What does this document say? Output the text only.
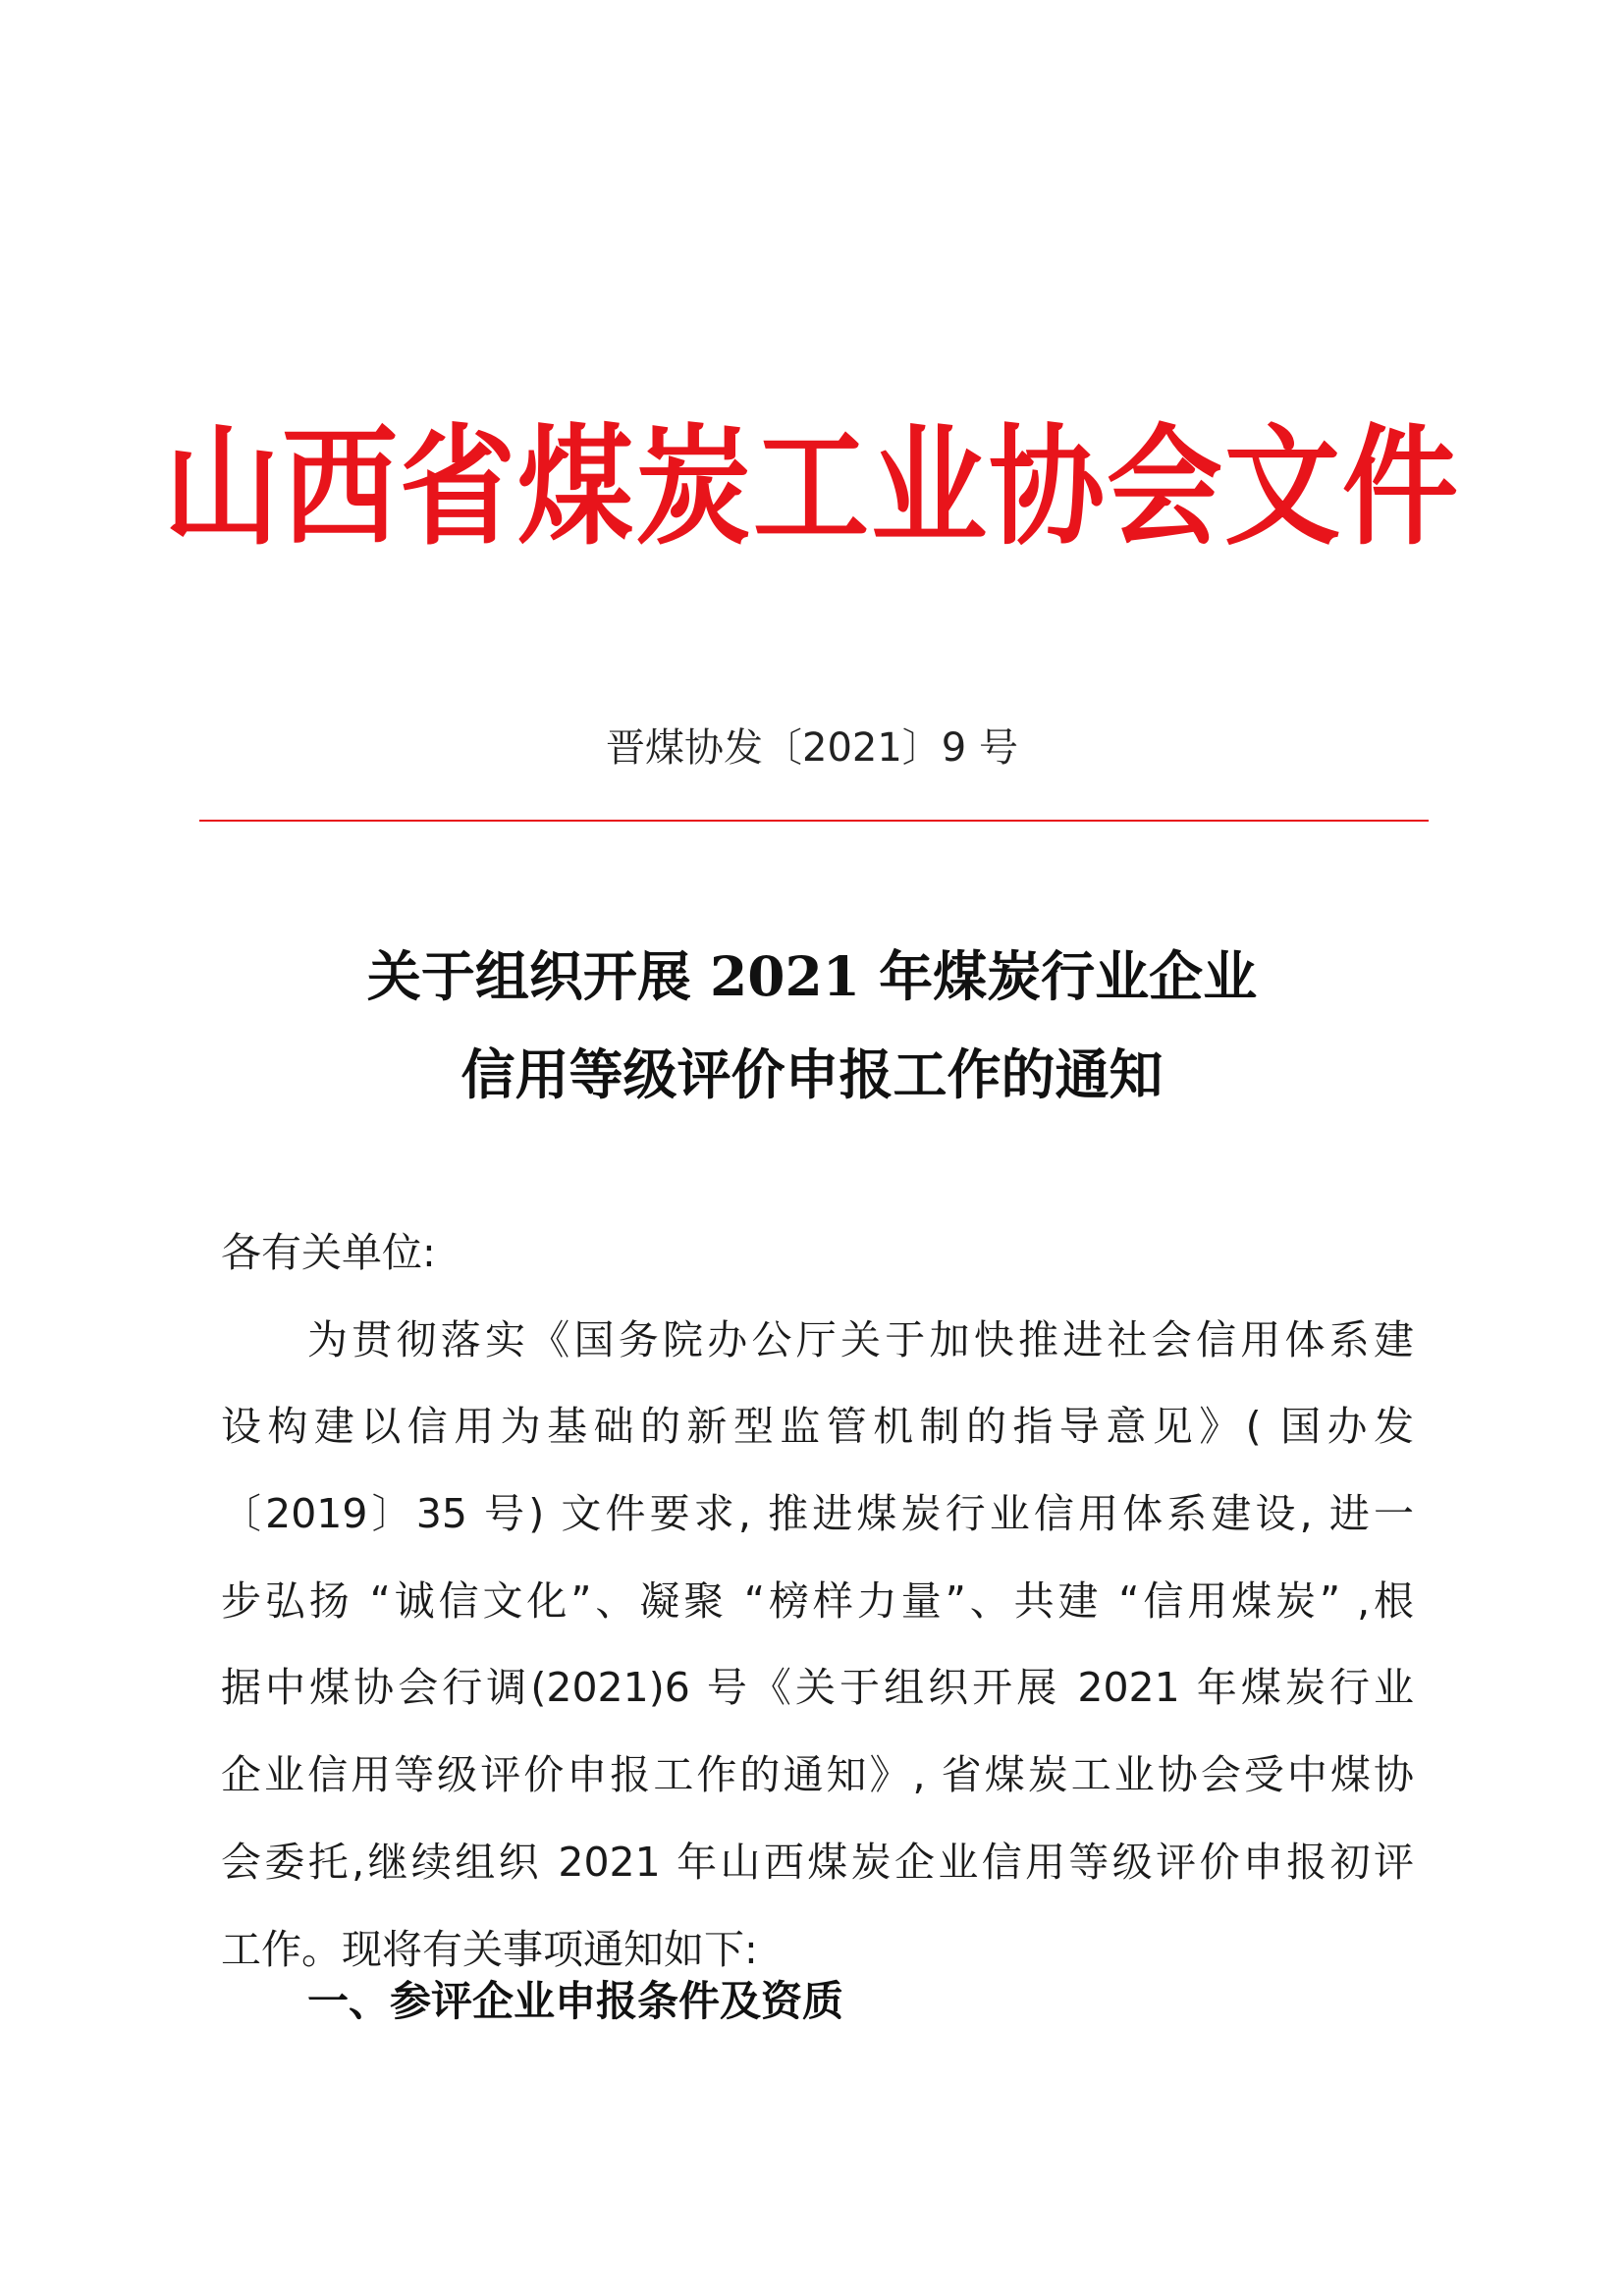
山西省煤炭工业协会文件
晋煤协发〔2021〕9 号
关于组织开展 2021 年煤炭行业企业
信用等级评价申报工作的通知
各有关单位:
为贯彻落实《国务院办公厅关于加快推进社会信用体系建
设构建以信用为基础的新型监管机制的指导意见》( 国办发
〔2019〕35 号) 文件要求, 推进煤炭行业信用体系建设, 进一
步弘扬 “诚信文化”、凝聚 “榜样力量”、共建 “信用煤炭” ,根
据中煤协会行调(2021)6 号《关于组织开展 2021 年煤炭行业
企业信用等级评价申报工作的通知》, 省煤炭工业协会受中煤协
会委托,继续组织 2021 年山西煤炭企业信用等级评价申报初评
工作。现将有关事项通知如下:
一、参评企业申报条件及资质
